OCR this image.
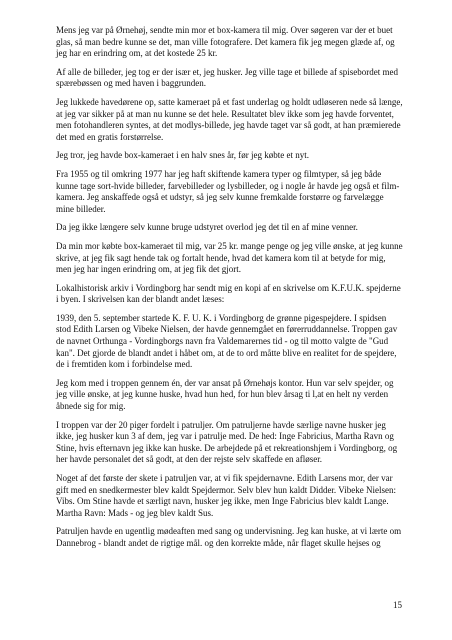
Mens jeg var på Ørnehøj, sendte min mor et box-kamera til mig. Over søgeren var der et buet glas, så man bedre kunne se det, man ville fotografere. Det kamera fik jeg megen glæde af, og jeg har en erindring om, at det kostede 25 kr.

Af alle de billeder, jeg tog er der især et, jeg husker. Jeg ville tage et billede af spisebordet med spærebøssen og med haven i baggrunden.

Jeg lukkede havedørene op, satte kameraet på et fast underlag og holdt udløseren nede så længe, at jeg var sikker på at man nu kunne se det hele. Resultatet blev ikke som jeg havde forventet, men fotohandleren syntes, at det modlys-billede, jeg havde taget var så godt, at han præmierede det med en gratis forstørrelse.

Jeg tror, jeg havde box-kameraet i en halv snes år, før jeg købte et nyt.

Fra 1955 og til omkring 1977 har jeg haft skiftende kamera typer og filmtyper, så jeg både kunne tage sort-hvide billeder, farvebilleder og lysbilleder, og i nogle år havde jeg også et film-kamera. Jeg anskaffede også et udstyr, så jeg selv kunne fremkalde forstørre og farvelægge mine billeder.

Da jeg ikke længere selv kunne bruge udstyret overlod jeg det til en af mine venner.

Da min mor købte box-kameraet til mig, var 25 kr. mange penge og jeg ville ønske, at jeg kunne skrive, at jeg fik sagt hende tak og fortalt hende, hvad det kamera kom til at betyde for mig, men jeg har ingen erindring om, at jeg fik det gjort.

Lokalhistorisk arkiv i Vordingborg har sendt mig en kopi af en skrivelse om K.F.U.K. spejderne i byen. I skrivelsen kan der blandt andet læses:

1939, den 5. september startede K. F. U. K. i Vordingborg de grønne pigespejdere. I spidsen stod Edith Larsen og Vibeke Nielsen, der havde gennemgået en førerruddannelse. Troppen gav de navnet Orthunga - Vordingborgs navn fra Valdemarernes tid - og til motto valgte de "Gud kan". Det gjorde de blandt andet i håbet om, at de to ord måtte blive en realitet for de spejdere, de i fremtiden kom i forbindelse med.

Jeg kom med i troppen gennem én, der var ansat på Ørnehøjs kontor. Hun var selv spejder, og jeg ville ønske, at jeg kunne huske, hvad hun hed, for hun blev årsag ti l,at en helt ny verden åbnede sig for mig.

I troppen var der 20 piger fordelt i patruljer. Om patruljerne havde særlige navne husker jeg ikke, jeg husker kun 3 af dem, jeg var i patrulje med. De hed: Inge Fabricius, Martha Ravn og Stine, hvis efternavn jeg ikke kan huske. De arbejdede på et rekreationshjem i Vordingborg, og her havde personalet det så godt, at den der rejste selv skaffede en afløser.

Noget af det første der skete i patruljen var, at vi fik spejdernavne. Edith Larsens mor, der var gift med en snedkermester blev kaldt Spejdermor. Selv blev hun kaldt Didder. Vibeke Nielsen: Vibs. Om Stine havde et særligt navn, husker jeg ikke, men Inge Fabricius blev kaldt Lange. Martha Ravn: Mads - og jeg blev kaldt Sus.

Patruljen havde en ugentlig mødeaften med sang og undervisning. Jeg kan huske, at vi lærte om Dannebrog - blandt andet de rigtige mål. og den korrekte måde, når flaget skulle hejses og

15
